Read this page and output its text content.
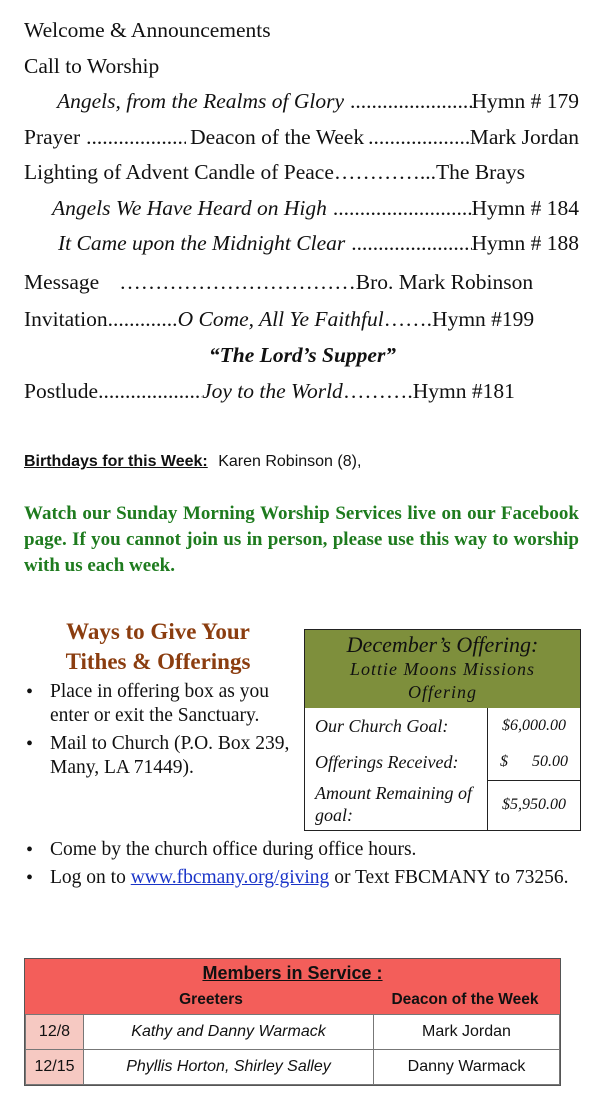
Welcome & Announcements
Call to Worship
Angels, from the Realms of Glory .....	Hymn # 179
Prayer .....	Deacon of the Week .....	Mark Jordan
Lighting of Advent Candle of Peace …………... The Brays
Angels We Have Heard on High .....	Hymn # 184
It Came upon the Midnight Clear .....	Hymn # 188
Message …………………………… Bro. Mark Robinson
Invitation .....	O Come, All Ye Faithful ……. Hymn #199
“The Lord’s Supper”
Postlude .....	Joy to the World ………. Hymn #181
Birthdays for this Week: Karen Robinson (8),
Watch our Sunday Morning Worship Services live on our Facebook page. If you cannot join us in person, please use this way to worship with us each week.
Ways to Give Your
Tithes & Offerings
• Place in offering box as you enter or exit the Sanctuary.
• Mail to Church (P.O. Box 239, Many, LA 71449).
• Come by the church office during office hours.
• Log on to www.fbcmany.org/giving or Text FBCMANY to 73256.
December’s Offering:
Lottie Moons Missions Offering
Our Church Goal:	$6,000.00
Offerings Received:	$      50.00
Amount Remaining of goal:	$5,950.00
Members in Service :
Greeters	Deacon of the Week
12/8	Kathy and Danny Warmack	Mark Jordan
12/15	Phyllis Horton, Shirley Salley	Danny Warmack
